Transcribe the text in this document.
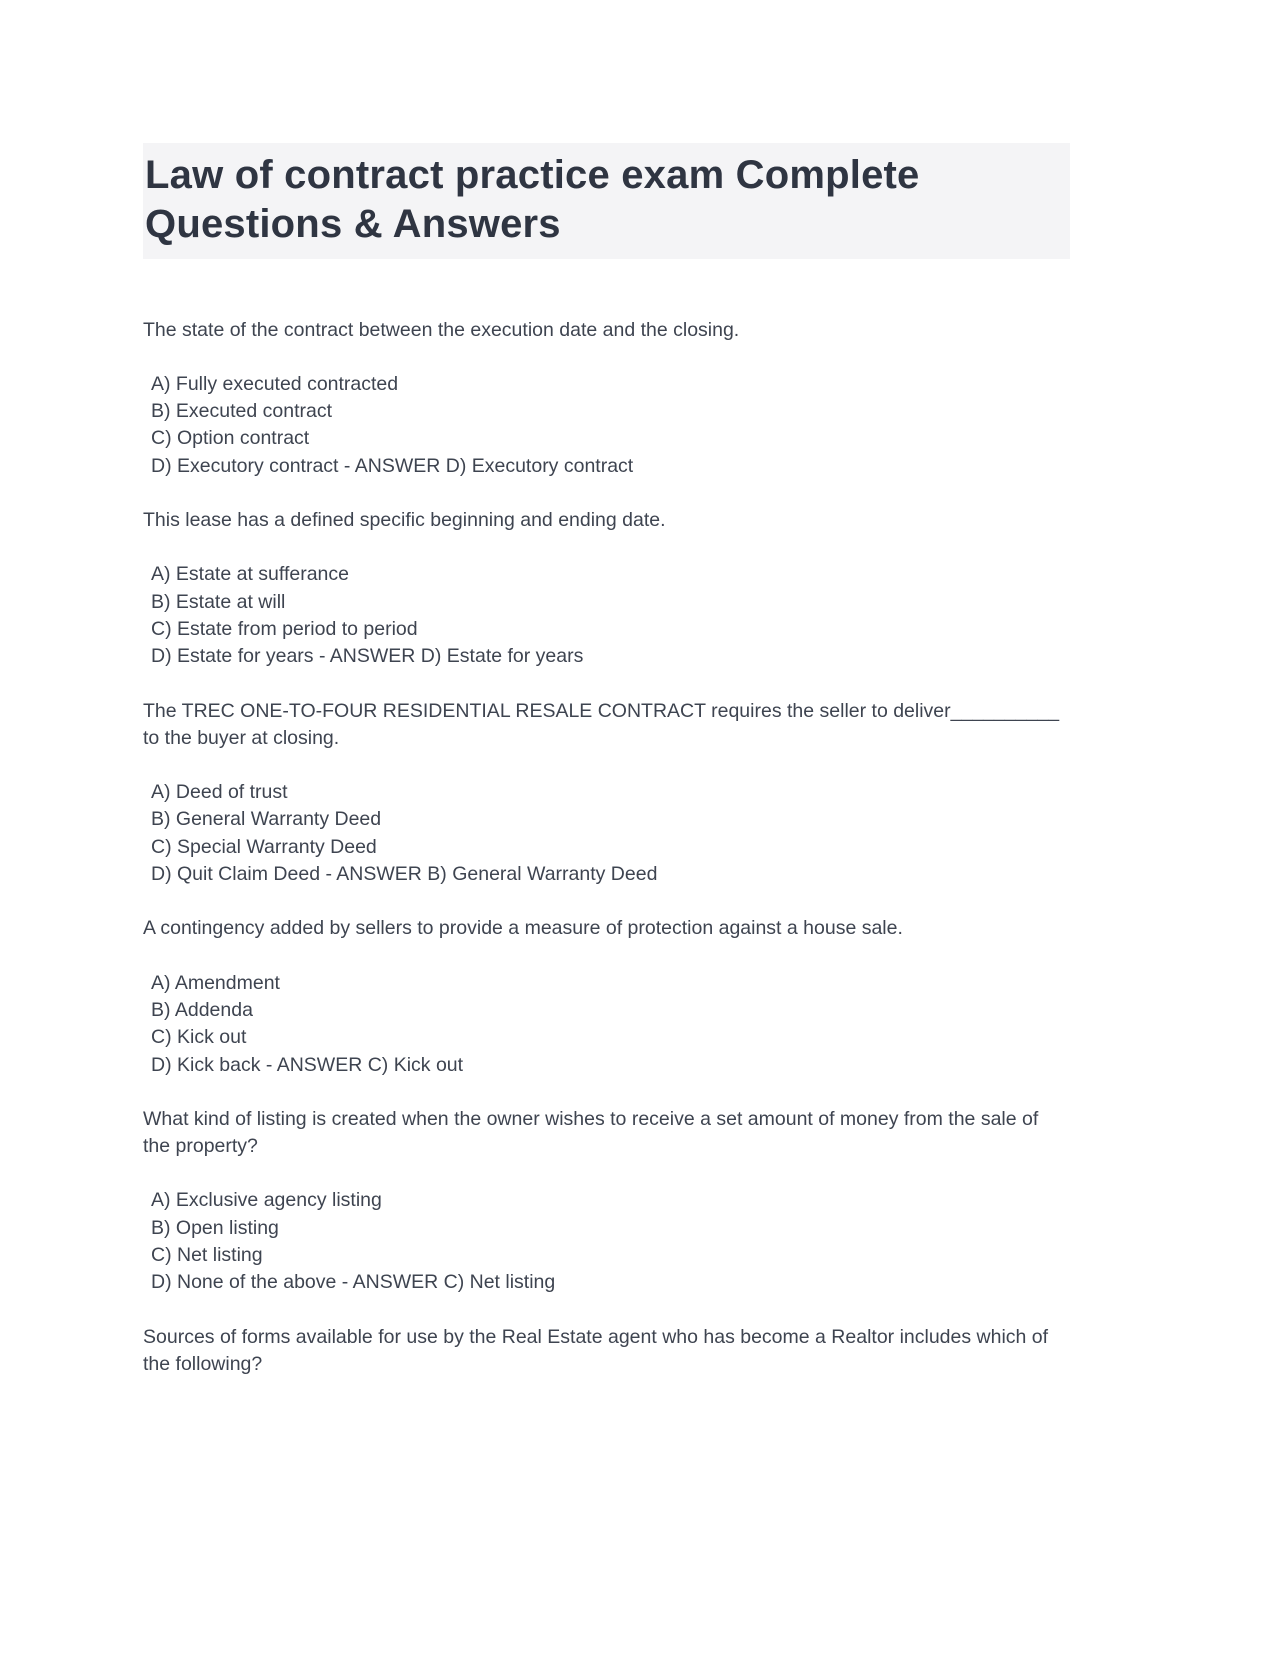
Law of contract practice exam Complete Questions & Answers

The state of the contract between the execution date and the closing.

A) Fully executed contracted
B) Executed contract
C) Option contract
D) Executory contract - ANSWER D) Executory contract

This lease has a defined specific beginning and ending date.

A) Estate at sufferance
B) Estate at will
C) Estate from period to period
D) Estate for years - ANSWER D) Estate for years

The TREC ONE-TO-FOUR RESIDENTIAL RESALE CONTRACT requires the seller to deliver__________ to the buyer at closing.

A) Deed of trust
B) General Warranty Deed
C) Special Warranty Deed
D) Quit Claim Deed - ANSWER B) General Warranty Deed

A contingency added by sellers to provide a measure of protection against a house sale.

A) Amendment
B) Addenda
C) Kick out
D) Kick back - ANSWER C) Kick out

What kind of listing is created when the owner wishes to receive a set amount of money from the sale of the property?

A) Exclusive agency listing
B) Open listing
C) Net listing
D) None of the above - ANSWER C) Net listing

Sources of forms available for use by the Real Estate agent who has become a Realtor includes which of the following?
